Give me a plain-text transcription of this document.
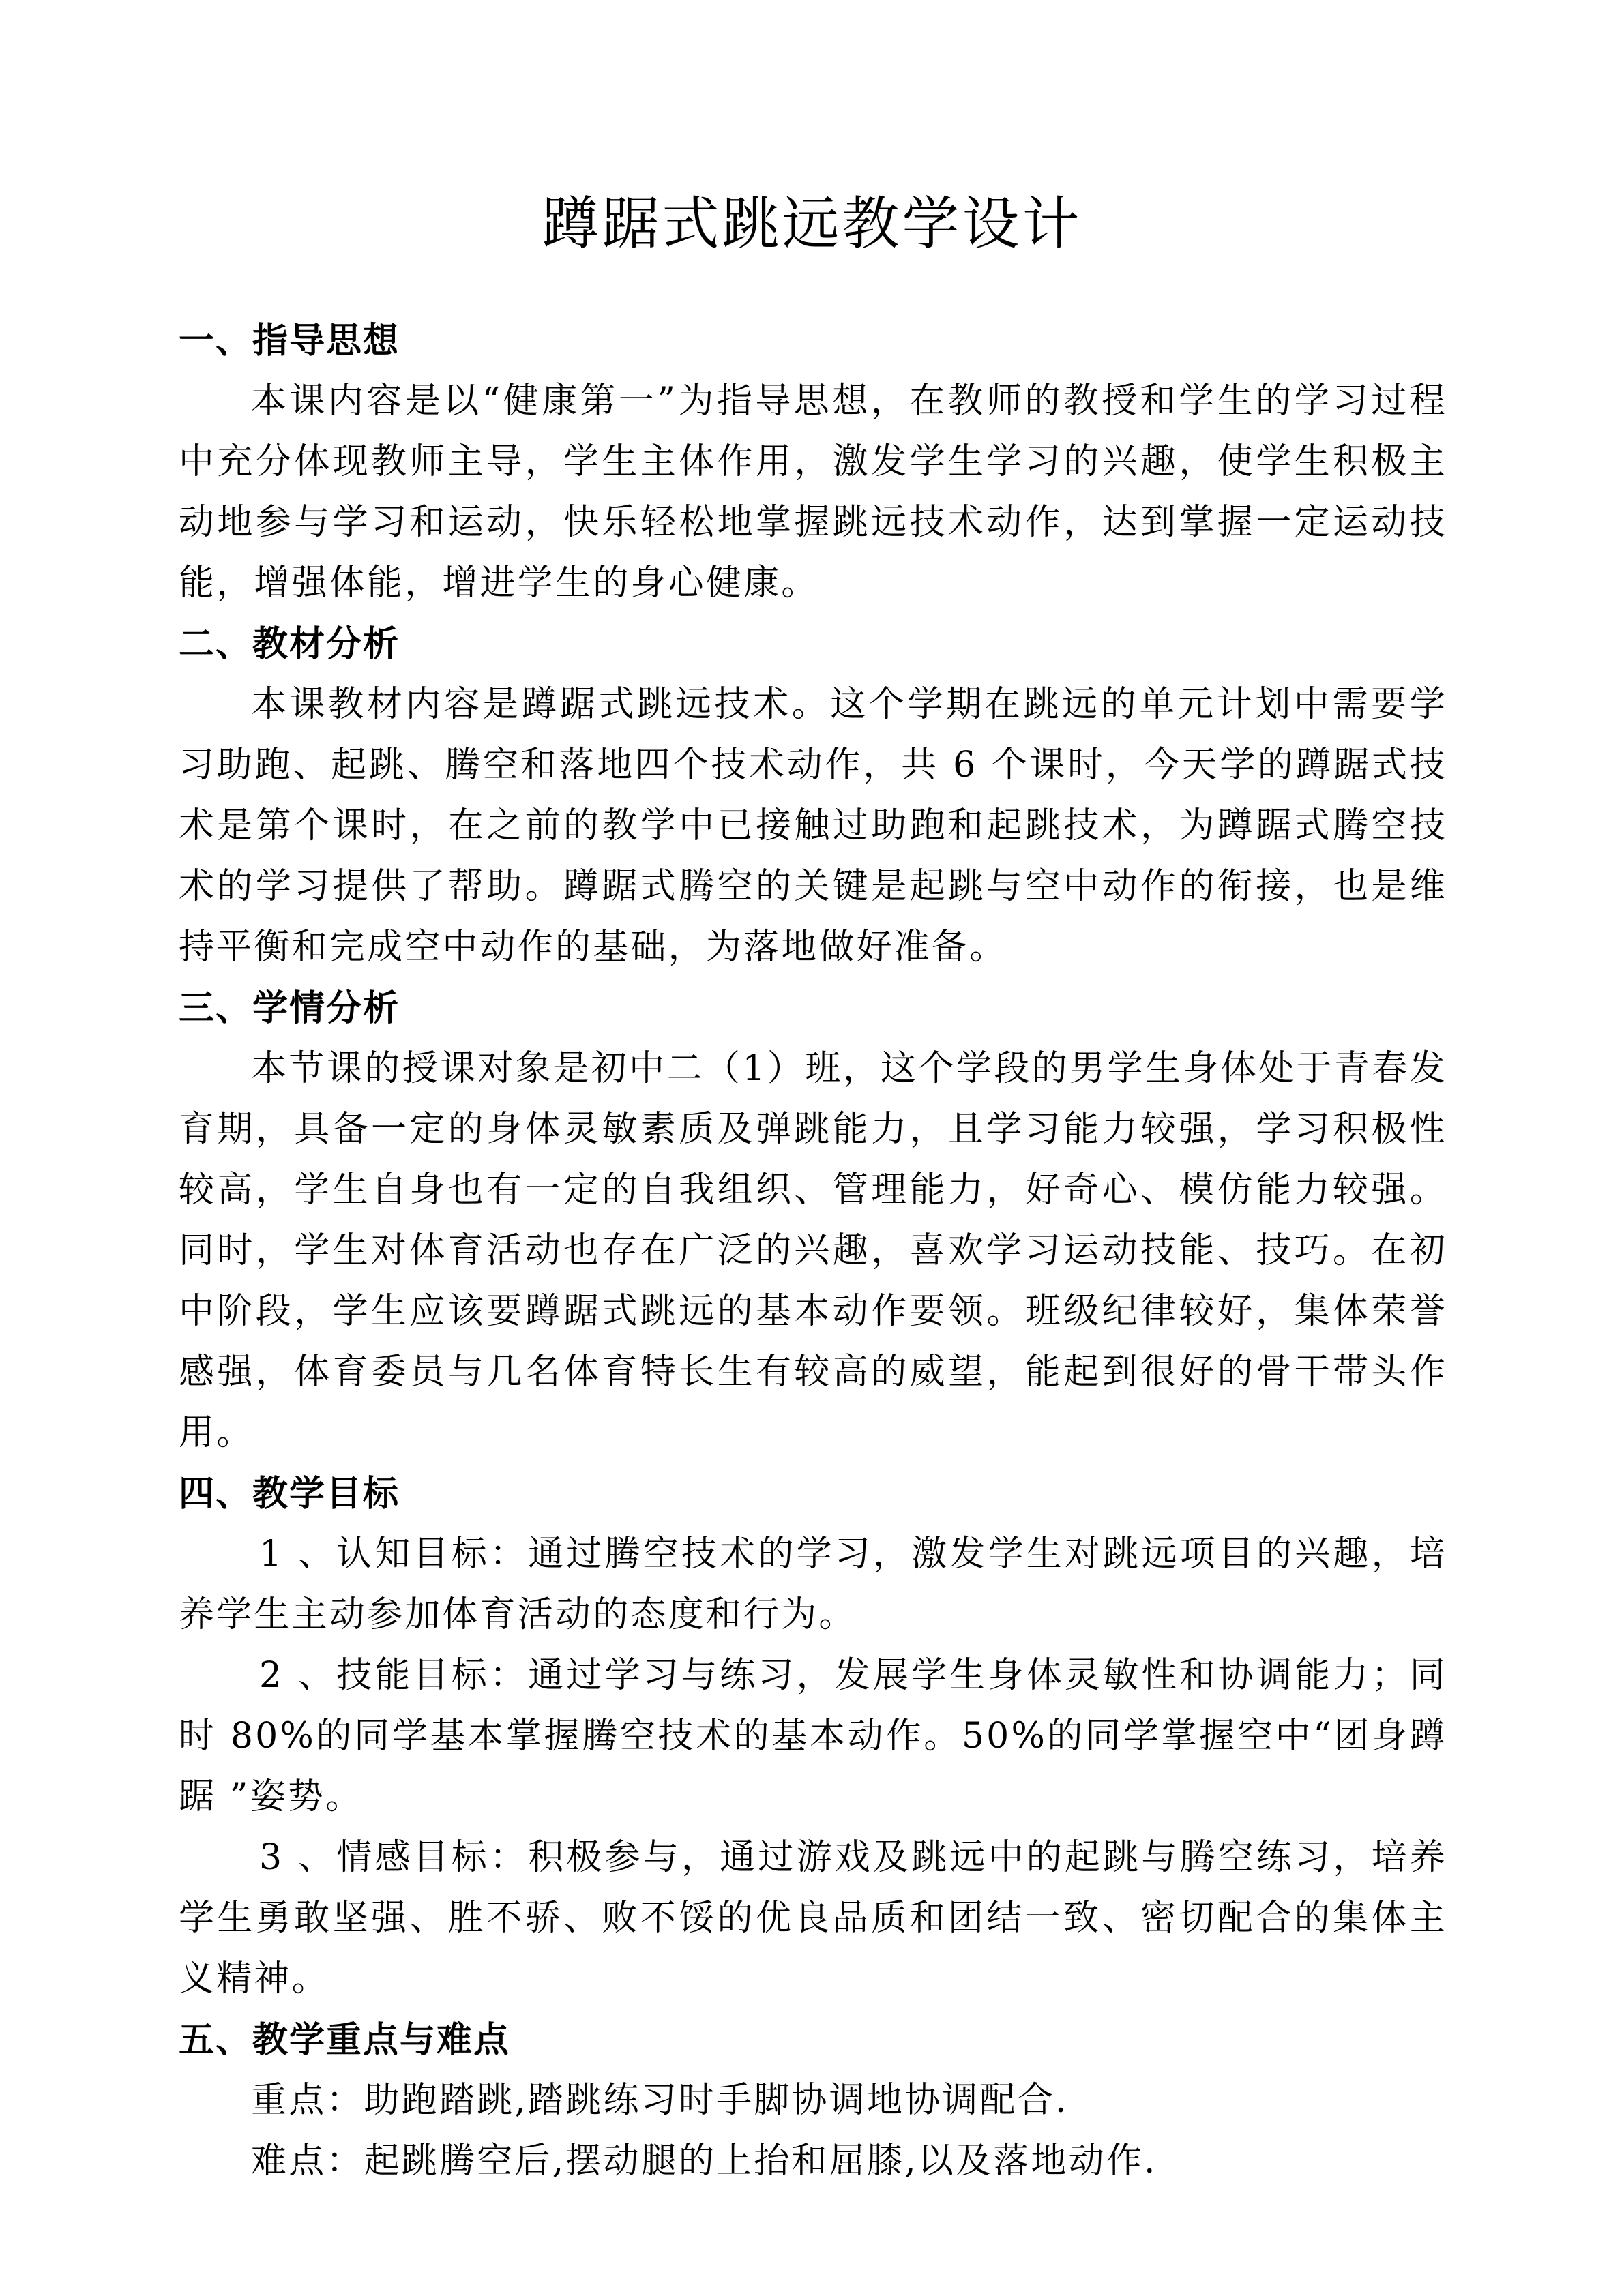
蹲踞式跳远教学设计
一、指导思想

本课内容是以“健康第一”为指导思想，在教师的教授和学生的学习过程中充分体现教师主导，学生主体作用，激发学生学习的兴趣，使学生积极主动地参与学习和运动，快乐轻松地掌握跳远技术动作，达到掌握一定运动技能，增强体能，增进学生的身心健康。

二、教材分析

本课教材内容是蹲踞式跳远技术。这个学期在跳远的单元计划中需要学习助跑、起跳、腾空和落地四个技术动作，共 6 个课时，今天学的蹲踞式技术是第个课时，在之前的教学中已接触过助跑和起跳技术，为蹲踞式腾空技术的学习提供了帮助。蹲踞式腾空的关键是起跳与空中动作的衔接，也是维持平衡和完成空中动作的基础，为落地做好准备。

三、学情分析

本节课的授课对象是初中二（1）班，这个学段的男学生身体处于青春发育期，具备一定的身体灵敏素质及弹跳能力，且学习能力较强，学习积极性较高，学生自身也有一定的自我组织、管理能力，好奇心、模仿能力较强。同时，学生对体育活动也存在广泛的兴趣，喜欢学习运动技能、技巧。在初中阶段，学生应该要蹲踞式跳远的基本动作要领。班级纪律较好，集体荣誉感强，体育委员与几名体育特长生有较高的威望，能起到很好的骨干带头作用。

四、教学目标

1 、认知目标：通过腾空技术的学习，激发学生对跳远项目的兴趣，培养学生主动参加体育活动的态度和行为。

2 、技能目标：通过学习与练习，发展学生身体灵敏性和协调能力；同时 80%的同学基本掌握腾空技术的基本动作。50%的同学掌握空中“团身蹲踞 ”姿势。

3 、情感目标：积极参与，通过游戏及跳远中的起跳与腾空练习，培养学生勇敢坚强、胜不骄、败不馁的优良品质和团结一致、密切配合的集体主义精神。

五、教学重点与难点

重点：助跑踏跳,踏跳练习时手脚协调地协调配合.

难点：起跳腾空后,摆动腿的上抬和屈膝,以及落地动作.
